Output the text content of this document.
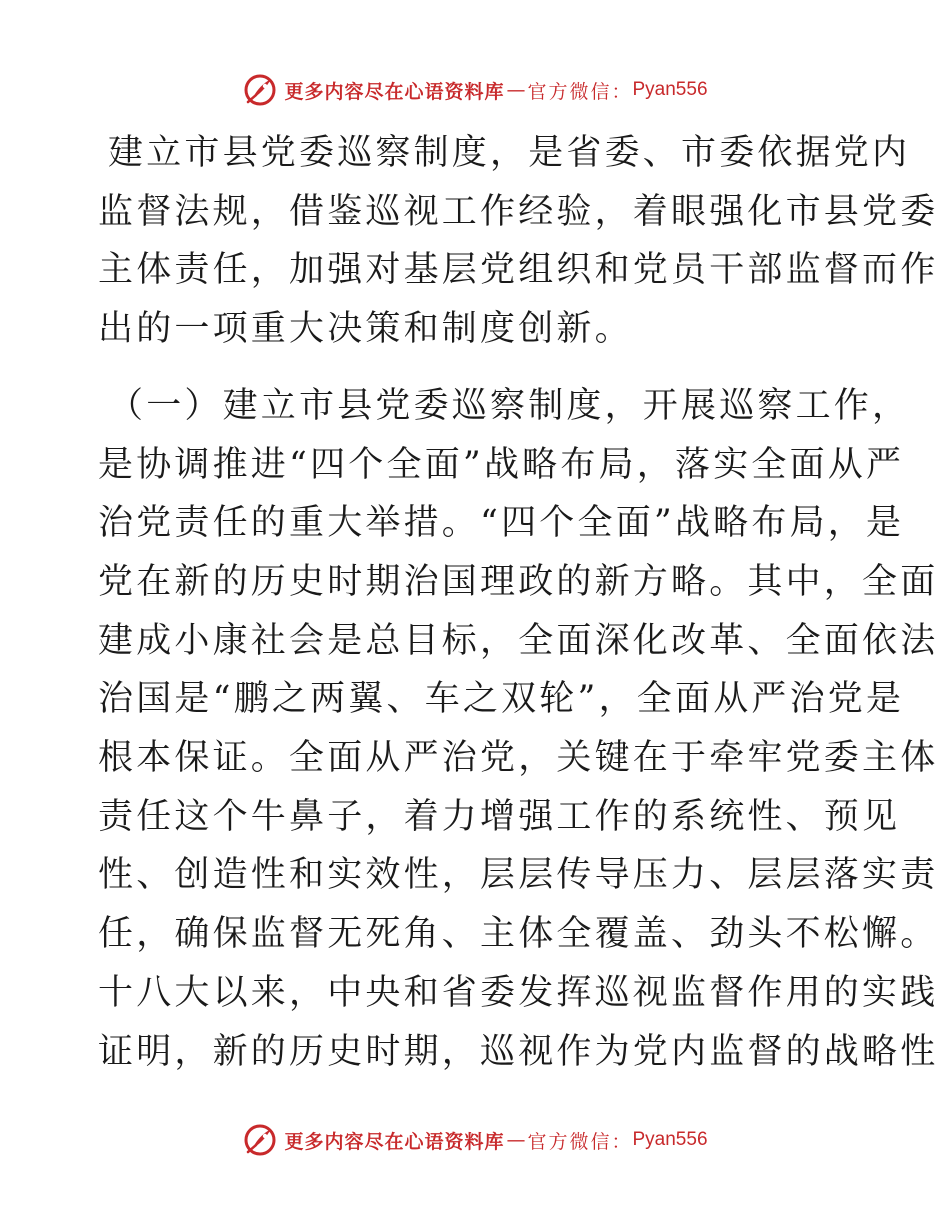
更多内容尽在心语资料库 — 官方微信： Pyan556

建立市县党委巡察制度，是省委、市委依据党内
监督法规，借鉴巡视工作经验，着眼强化市县党委
主体责任，加强对基层党组织和党员干部监督而作
出的一项重大决策和制度创新。

（一）建立市县党委巡察制度，开展巡察工作，
是协调推进“四个全面”战略布局，落实全面从严
治党责任的重大举措。“四个全面”战略布局，是
党在新的历史时期治国理政的新方略。其中，全面
建成小康社会是总目标，全面深化改革、全面依法
治国是“鹏之两翼、车之双轮”，全面从严治党是
根本保证。全面从严治党，关键在于牵牢党委主体
责任这个牛鼻子，着力增强工作的系统性、预见
性、创造性和实效性，层层传导压力、层层落实责
任，确保监督无死角、主体全覆盖、劲头不松懈。
十八大以来，中央和省委发挥巡视监督作用的实践
证明，新的历史时期，巡视作为党内监督的战略性

更多内容尽在心语资料库 — 官方微信： Pyan556
